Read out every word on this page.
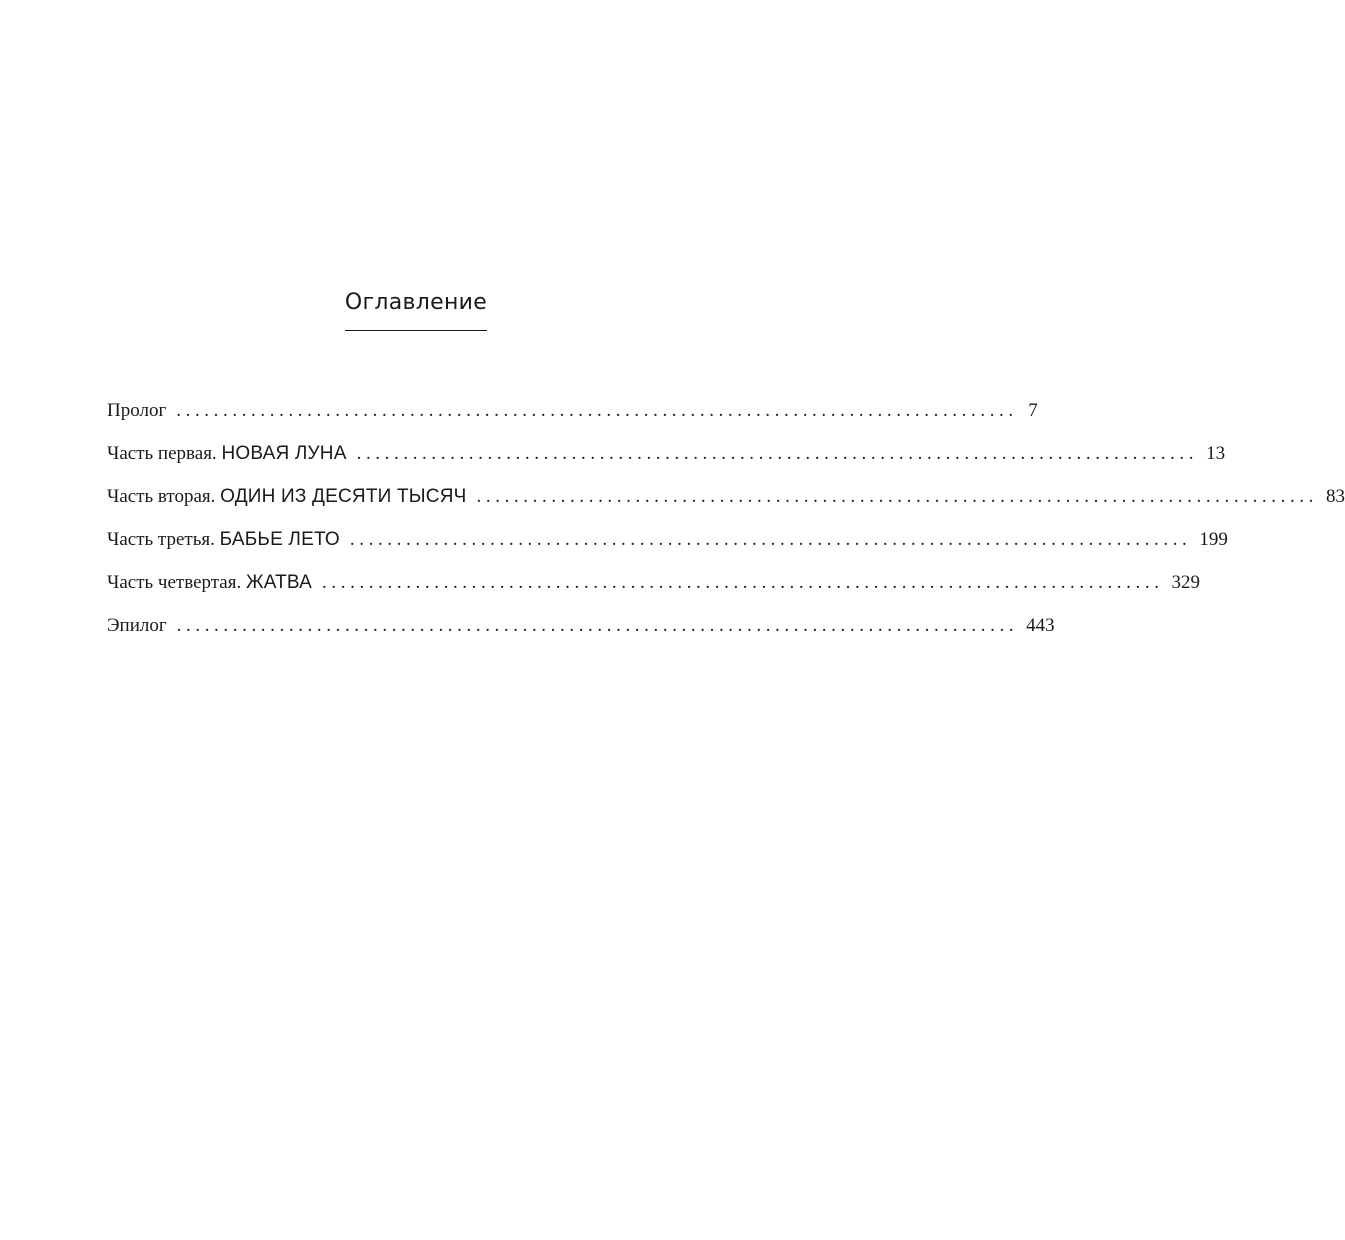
Оглавление
Пролог .......................................................................................... 7
Часть первая. НОВАЯ ЛУНА .......................................................................................... 13
Часть вторая. ОДИН ИЗ ДЕСЯТИ ТЫСЯЧ .......................................................................................... 83
Часть третья. БАБЬЕ ЛЕТО .......................................................................................... 199
Часть четвертая. ЖАТВА .......................................................................................... 329
Эпилог .......................................................................................... 443
